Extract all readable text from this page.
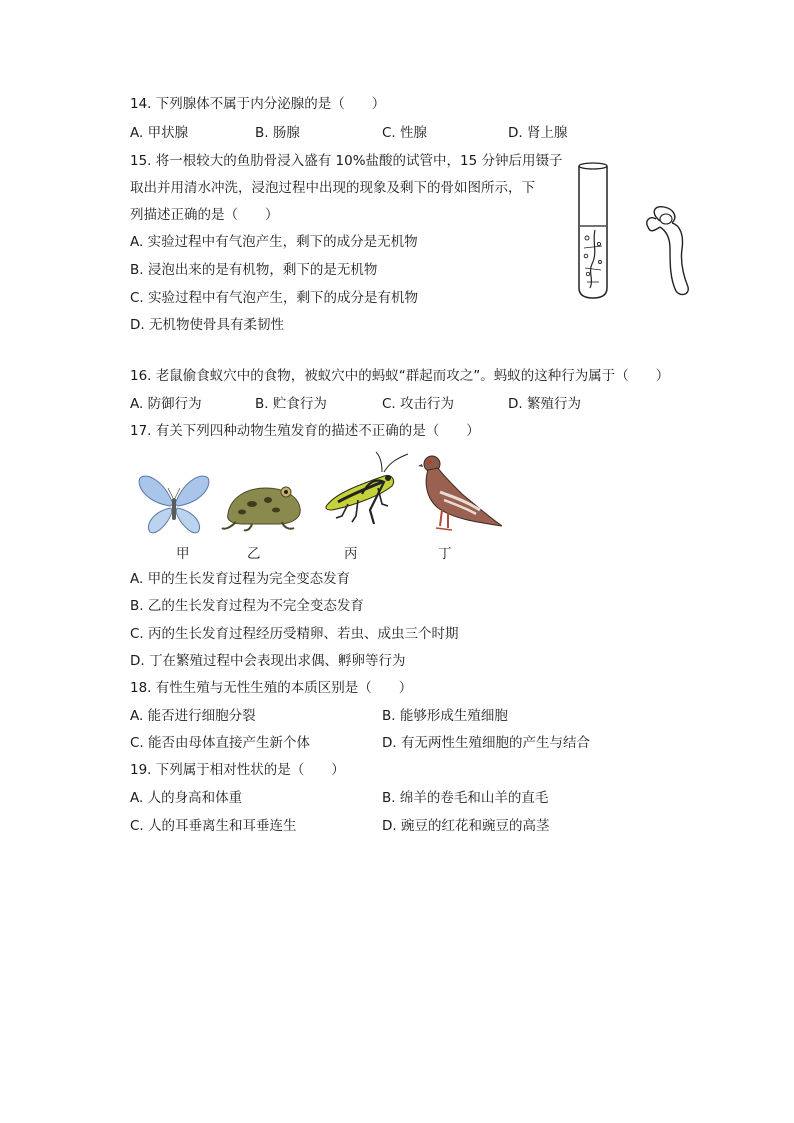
14. 下列腺体不属于内分泌腺的是（　　）
A. 甲状腺	B. 肠腺	C. 性腺	D. 肾上腺
15. 将一根较大的鱼肋骨浸入盛有 10%盐酸的试管中，15 分钟后用镊子
取出并用清水冲洗，浸泡过程中出现的现象及剩下的骨如图所示，下
列描述正确的是（　　）
A. 实验过程中有气泡产生，剩下的成分是无机物
B. 浸泡出来的是有机物，剩下的是无机物
C. 实验过程中有气泡产生，剩下的成分是有机物
D. 无机物使骨具有柔韧性
16. 老鼠偷食蚁穴中的食物，被蚁穴中的蚂蚁“群起而攻之”。蚂蚁的这种行为属于（　　）
A. 防御行为	B. 贮食行为	C. 攻击行为	D. 繁殖行为
17. 有关下列四种动物生殖发育的描述不正确的是（　　）
甲	乙	丙	丁
A. 甲的生长发育过程为完全变态发育
B. 乙的生长发育过程为不完全变态发育
C. 丙的生长发育过程经历受精卵、若虫、成虫三个时期
D. 丁在繁殖过程中会表现出求偶、孵卵等行为
18. 有性生殖与无性生殖的本质区别是（　　）
A. 能否进行细胞分裂	B. 能够形成生殖细胞
C. 能否由母体直接产生新个体	D. 有无两性生殖细胞的产生与结合
19. 下列属于相对性状的是（　　）
A. 人的身高和体重	B. 绵羊的卷毛和山羊的直毛
C. 人的耳垂离生和耳垂连生	D. 豌豆的红花和豌豆的高茎
